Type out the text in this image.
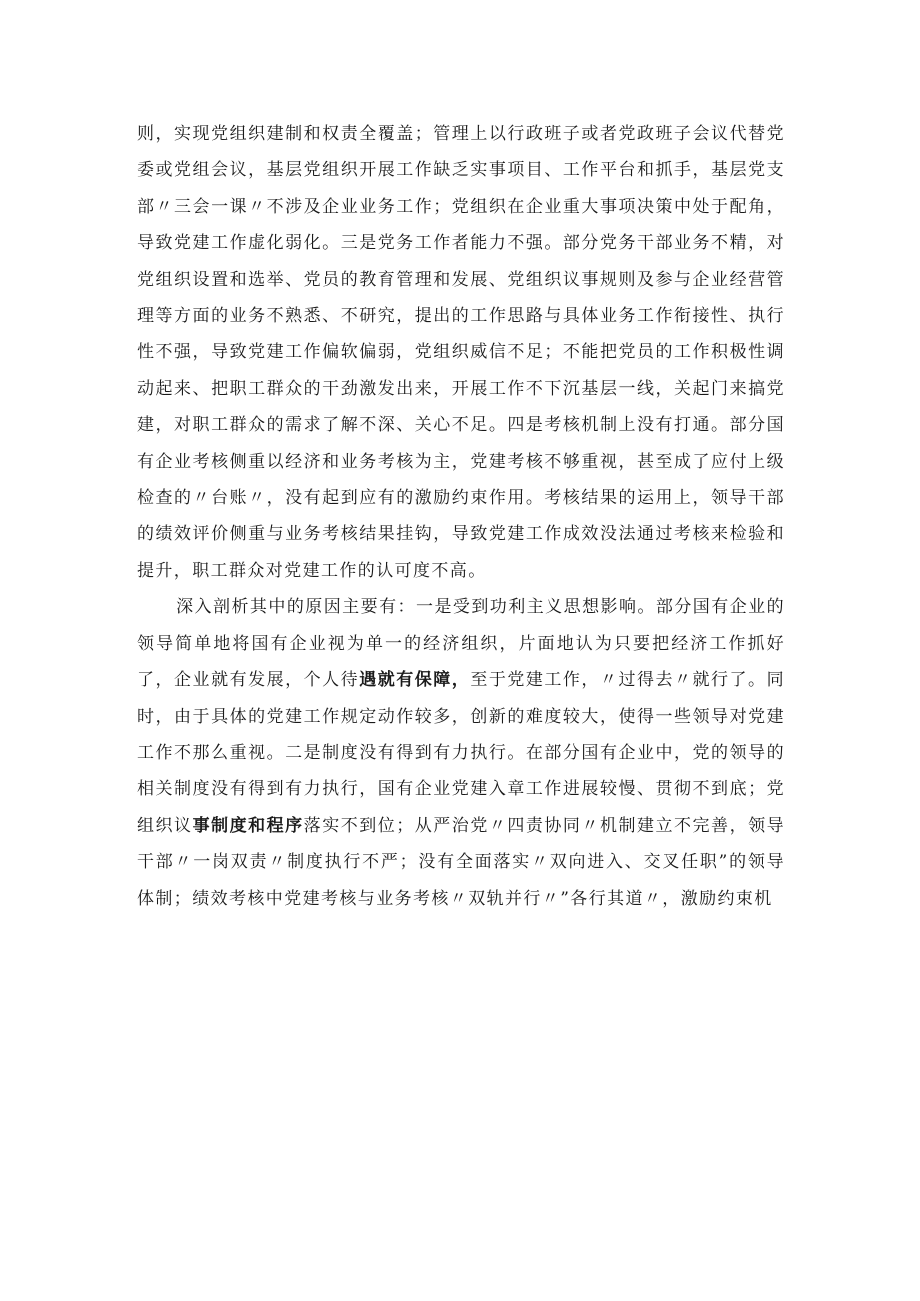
则，实现党组织建制和权责全覆盖；管理上以行政班子或者党政班子会议代替党委或党组会议，基层党组织开展工作缺乏实事项目、工作平台和抓手，基层党支部〃三会一课〃不涉及企业业务工作；党组织在企业重大事项决策中处于配角，导致党建工作虚化弱化。三是党务工作者能力不强。部分党务干部业务不精，对党组织设置和选举、党员的教育管理和发展、党组织议事规则及参与企业经营管理等方面的业务不熟悉、不研究，提出的工作思路与具体业务工作衔接性、执行性不强，导致党建工作偏软偏弱，党组织威信不足；不能把党员的工作积极性调动起来、把职工群众的干劲激发出来，开展工作不下沉基层一线，关起门来搞党建，对职工群众的需求了解不深、关心不足。四是考核机制上没有打通。部分国有企业考核侧重以经济和业务考核为主，党建考核不够重视，甚至成了应付上级检查的〃台账〃，没有起到应有的激励约束作用。考核结果的运用上，领导干部的绩效评价侧重与业务考核结果挂钩，导致党建工作成效没法通过考核来检验和提升，职工群众对党建工作的认可度不高。

深入剖析其中的原因主要有：一是受到功利主义思想影响。部分国有企业的领导简单地将国有企业视为单一的经济组织，片面地认为只要把经济工作抓好了，企业就有发展，个人待遇就有保障，至于党建工作，〃过得去〃就行了。同时，由于具体的党建工作规定动作较多，创新的难度较大，使得一些领导对党建工作不那么重视。二是制度没有得到有力执行。在部分国有企业中，党的领导的相关制度没有得到有力执行，国有企业党建入章工作进展较慢、贯彻不到底；党组织议事制度和程序落实不到位；从严治党〃四责协同〃机制建立不完善，领导干部〃一岗双责〃制度执行不严；没有全面落实〃双向进入、交叉任职”的领导体制；绩效考核中党建考核与业务考核〃双轨并行〃”各行其道〃，激励约束机
